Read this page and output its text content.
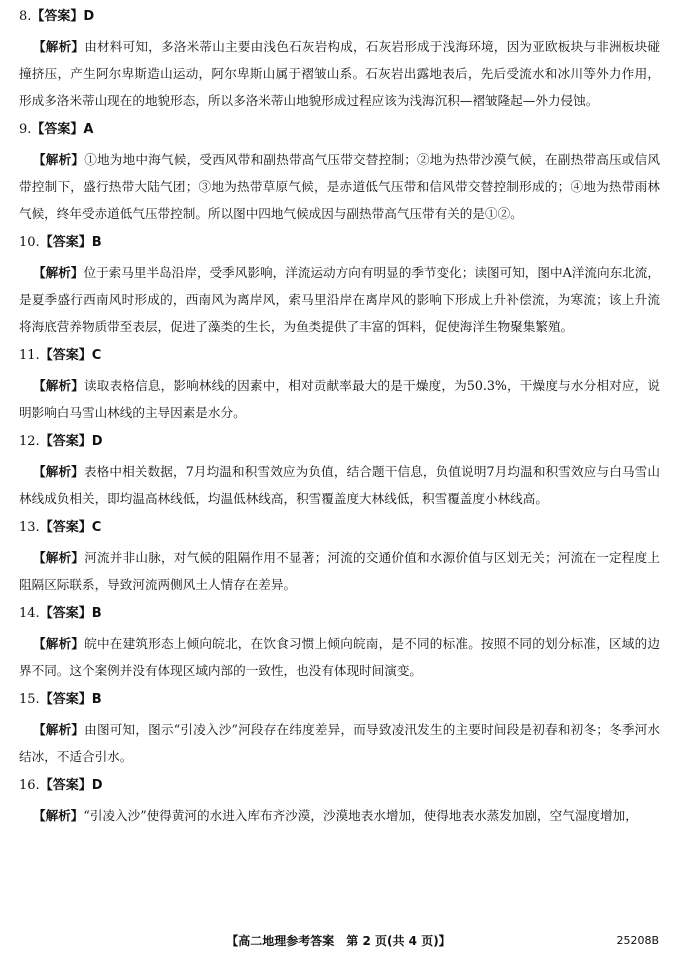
8.【答案】D
【解析】由材料可知，多洛米蒂山主要由浅色石灰岩构成，石灰岩形成于浅海环境，因为亚欧板块与非洲板块碰撞挤压，产生阿尔卑斯造山运动，阿尔卑斯山属于褶皱山系。石灰岩出露地表后，先后受流水和冰川等外力作用，形成多洛米蒂山现在的地貌形态，所以多洛米蒂山地貌形成过程应该为浅海沉积—褶皱隆起—外力侵蚀。
9.【答案】A
【解析】①地为地中海气候，受西风带和副热带高气压带交替控制；②地为热带沙漠气候，在副热带高压或信风带控制下，盛行热带大陆气团；③地为热带草原气候，是赤道低气压带和信风带交替控制形成的；④地为热带雨林气候，终年受赤道低气压带控制。所以图中四地气候成因与副热带高气压带有关的是①②。
10.【答案】B
【解析】位于索马里半岛沿岸，受季风影响，洋流运动方向有明显的季节变化；读图可知，图中A洋流向东北流，是夏季盛行西南风时形成的，西南风为离岸风，索马里沿岸在离岸风的影响下形成上升补偿流，为寒流；该上升流将海底营养物质带至表层，促进了藻类的生长，为鱼类提供了丰富的饵料，促使海洋生物聚集繁殖。
11.【答案】C
【解析】读取表格信息，影响林线的因素中，相对贡献率最大的是干燥度，为50.3%，干燥度与水分相对应，说明影响白马雪山林线的主导因素是水分。
12.【答案】D
【解析】表格中相关数据，7月均温和积雪效应为负值，结合题干信息，负值说明7月均温和积雪效应与白马雪山林线成负相关，即均温高林线低，均温低林线高，积雪覆盖度大林线低，积雪覆盖度小林线高。
13.【答案】C
【解析】河流并非山脉，对气候的阻隔作用不显著；河流的交通价值和水源价值与区划无关；河流在一定程度上阻隔区际联系，导致河流两侧风土人情存在差异。
14.【答案】B
【解析】皖中在建筑形态上倾向皖北，在饮食习惯上倾向皖南，是不同的标准。按照不同的划分标准，区域的边界不同。这个案例并没有体现区域内部的一致性，也没有体现时间演变。
15.【答案】B
【解析】由图可知，图示“引凌入沙”河段存在纬度差异，而导致凌汛发生的主要时间段是初春和初冬；冬季河水结冰，不适合引水。
16.【答案】D
【解析】“引凌入沙”使得黄河的水进入库布齐沙漠，沙漠地表水增加，使得地表水蒸发加剧，空气湿度增加，
【高二地理参考答案　第 2 页(共 4 页)】	25208B
